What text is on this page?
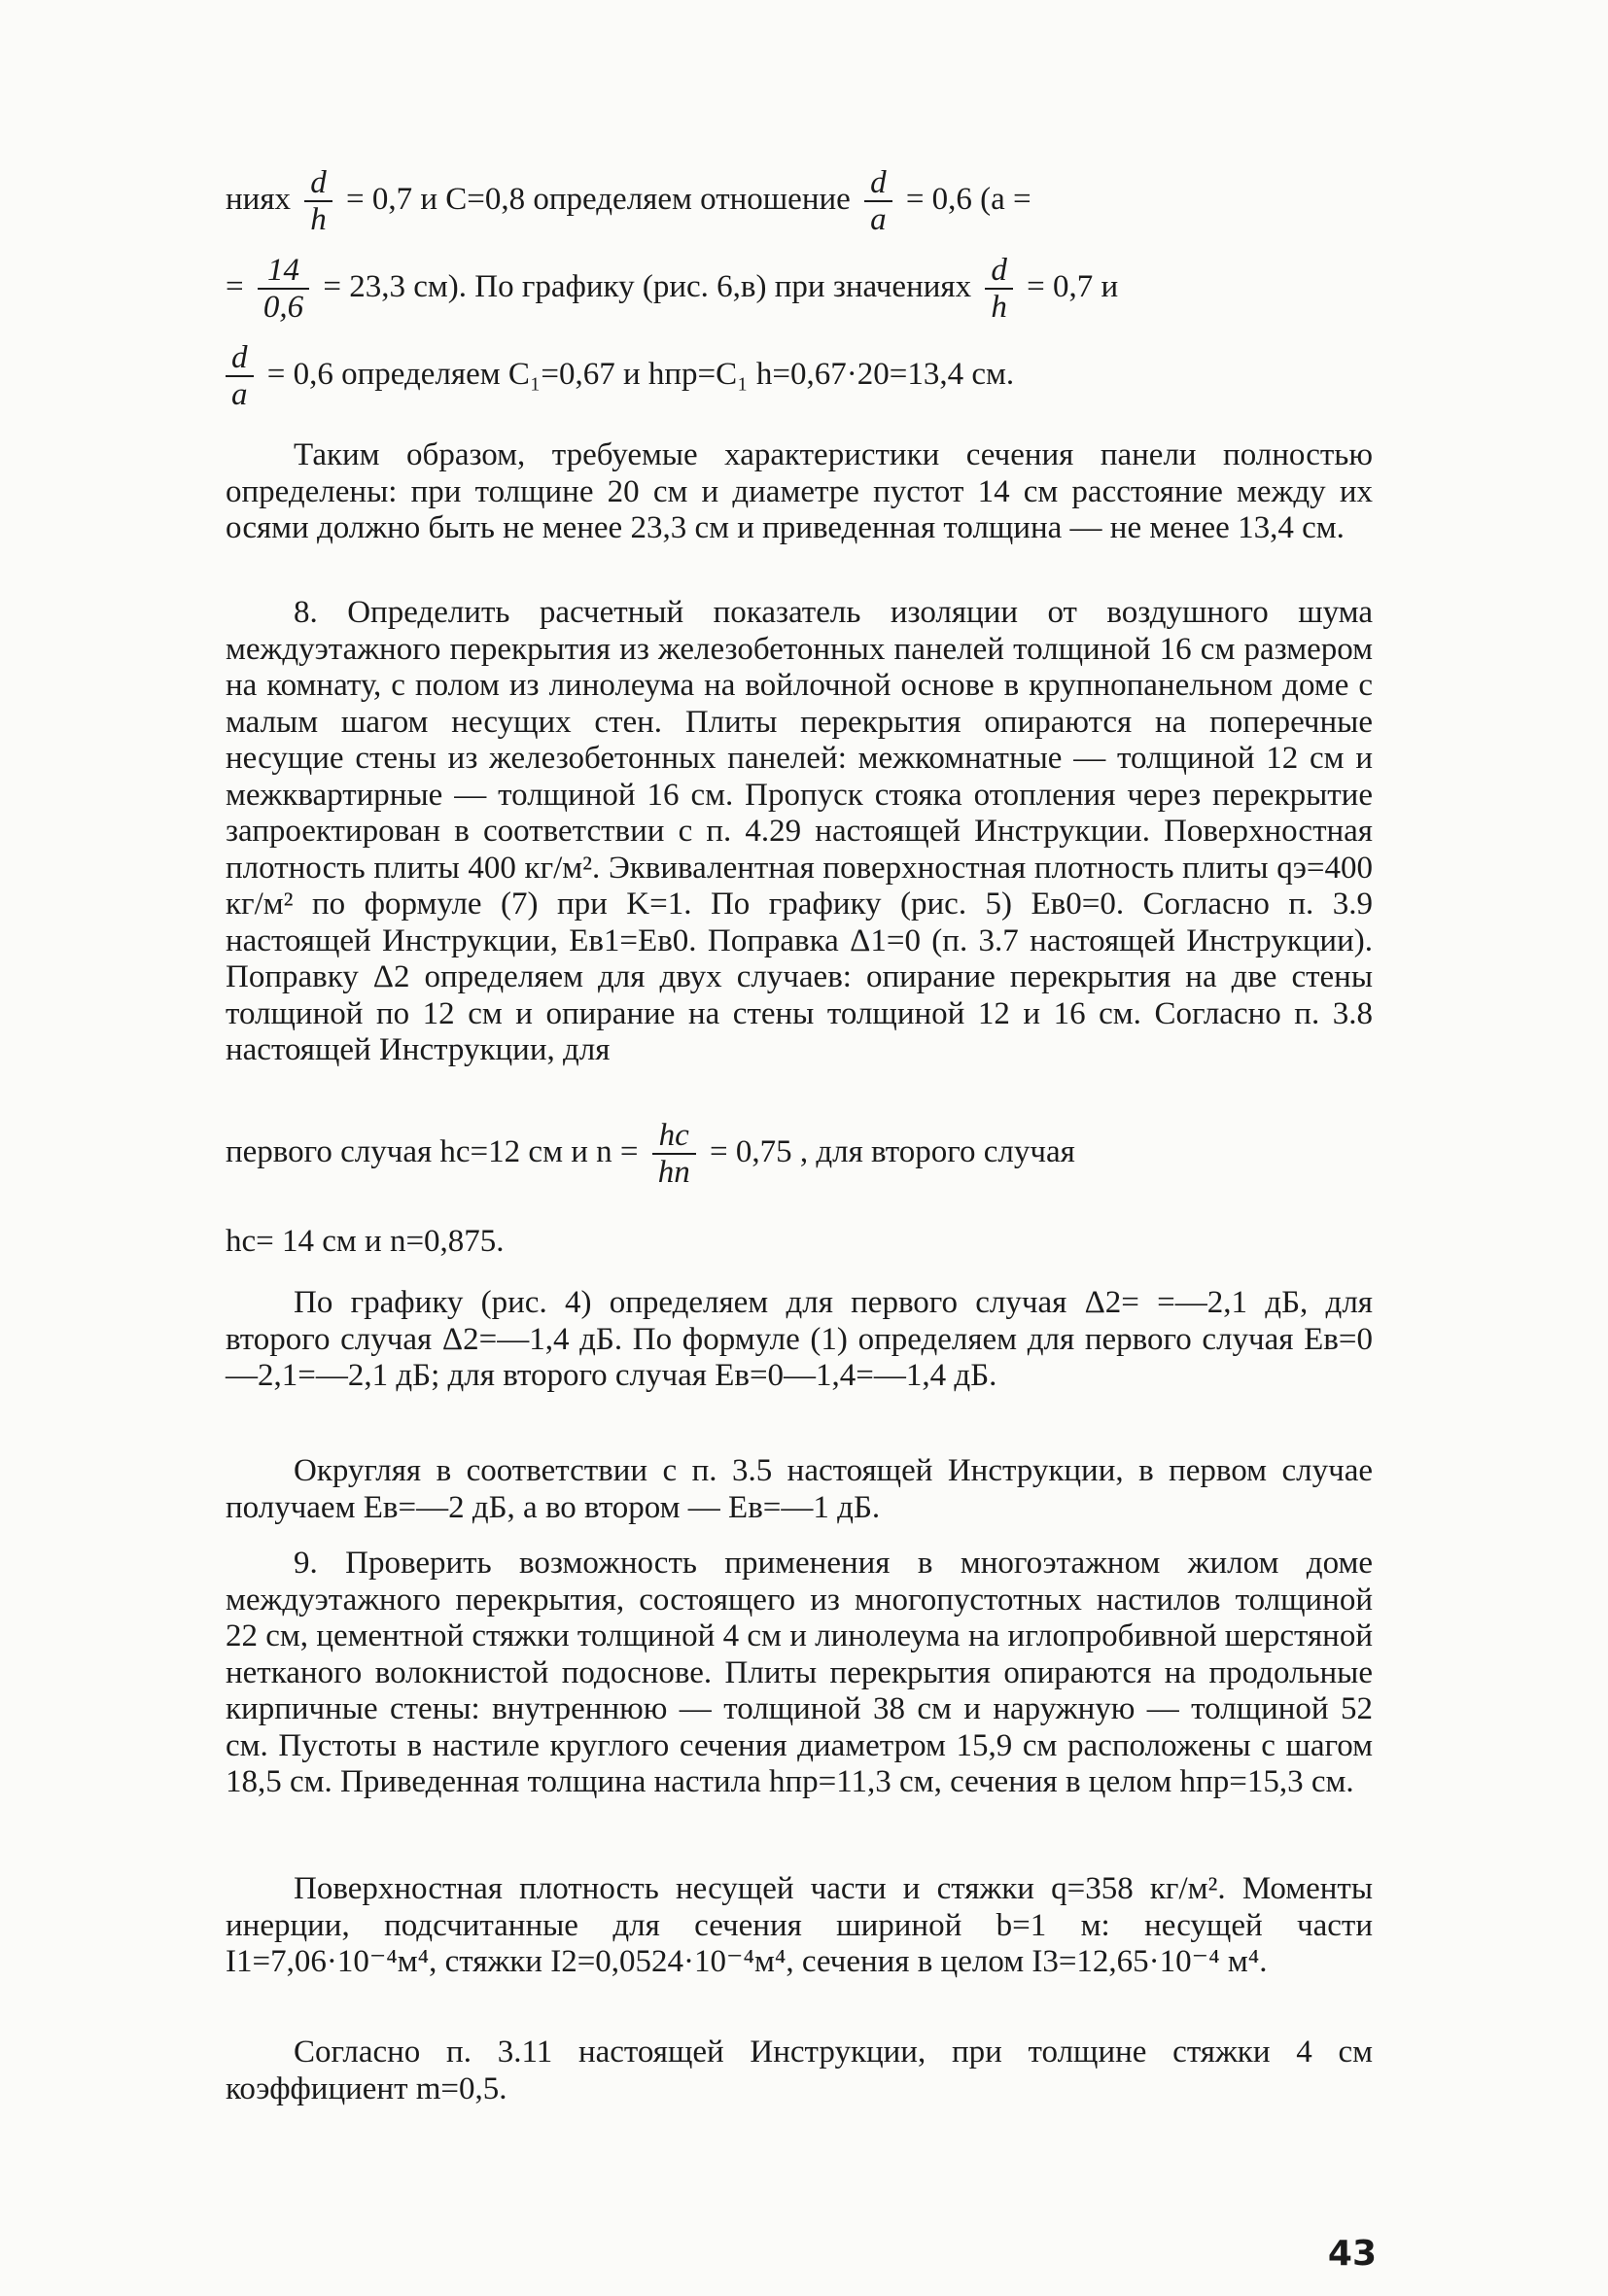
ниях $\frac{d}{h} = 0,7$ и C=0,8 определяем отношение $\frac{d}{a} = 0,6$ (a =
= $\frac{14}{0,6} = 23,3$ см). По графику (рис. 6,в) при значениях $\frac{d}{h} = 0,7$ и
$\frac{d}{a} = 0,6$ определяем C₁=0,67 и hпр=C₁ h=0,67·20=13,4 см.

Таким образом, требуемые характеристики сечения панели полностью определены: при толщине 20 см и диаметре пустот 14 см расстояние между их осями должно быть не менее 23,3 см и приведенная толщина — не менее 13,4 см.

8. Определить расчетный показатель изоляции от воздушного шума междуэтажного перекрытия из железобетонных панелей толщиной 16 см размером на комнату, с полом из линолеума на войлочной основе в крупнопанельном доме с малым шагом несущих стен. Плиты перекрытия опираются на поперечные несущие стены из железобетонных панелей: межкомнатные — толщиной 12 см и межквартирные — толщиной 16 см. Пропуск стояка отопления через перекрытие запроектирован в соответствии с п. 4.29 настоящей Инструкции. Поверхностная плотность плиты 400 кг/м². Эквивалентная поверхностная плотность плиты qэ=400 кг/м² по формуле (7) при K=1. По графику (рис. 5) Eв0=0. Согласно п. 3.9 настоящей Инструкции, Eв1=Eв0. Поправка Δ1=0 (п. 3.7 настоящей Инструкции). Поправку Δ2 определяем для двух случаев: опирание перекрытия на две стены толщиной по 12 см и опирание на стены толщиной 12 и 16 см. Согласно п. 3.8 настоящей Инструкции, для

первого случая hс=12 см и $n = \frac{hс}{hп} = 0,75$ , для второго случая
hс= 14 см и n=0,875.

По графику (рис. 4) определяем для первого случая Δ2= =—2,1 дБ, для второго случая Δ2=—1,4 дБ. По формуле (1) определяем для первого случая Eв=0—2,1=—2,1 дБ; для второго случая Eв=0—1,4=—1,4 дБ.

Округляя в соответствии с п. 3.5 настоящей Инструкции, в первом случае получаем Eв=—2 дБ, а во втором — Eв=—1 дБ.

9. Проверить возможность применения в многоэтажном жилом доме междуэтажного перекрытия, состоящего из многопустотных настилов толщиной 22 см, цементной стяжки толщиной 4 см и линолеума на иглопробивной шерстяной нетканого волокнистой подоснове. Плиты перекрытия опираются на продольные кирпичные стены: внутреннюю — толщиной 38 см и наружную — толщиной 52 см. Пустоты в настиле круглого сечения диаметром 15,9 см расположены с шагом 18,5 см. Приведенная толщина настила hпр=11,3 см, сечения в целом hпр=15,3 см.

Поверхностная плотность несущей части и стяжки q=358 кг/м². Моменты инерции, подсчитанные для сечения шириной b=1 м: несущей части I1=7,06·10⁻⁴м⁴, стяжки I2=0,0524·10⁻⁴м⁴, сечения в целом I3=12,65·10⁻⁴ м⁴.

Согласно п. 3.11 настоящей Инструкции, при толщине стяжки 4 см коэффициент m=0,5.

43
